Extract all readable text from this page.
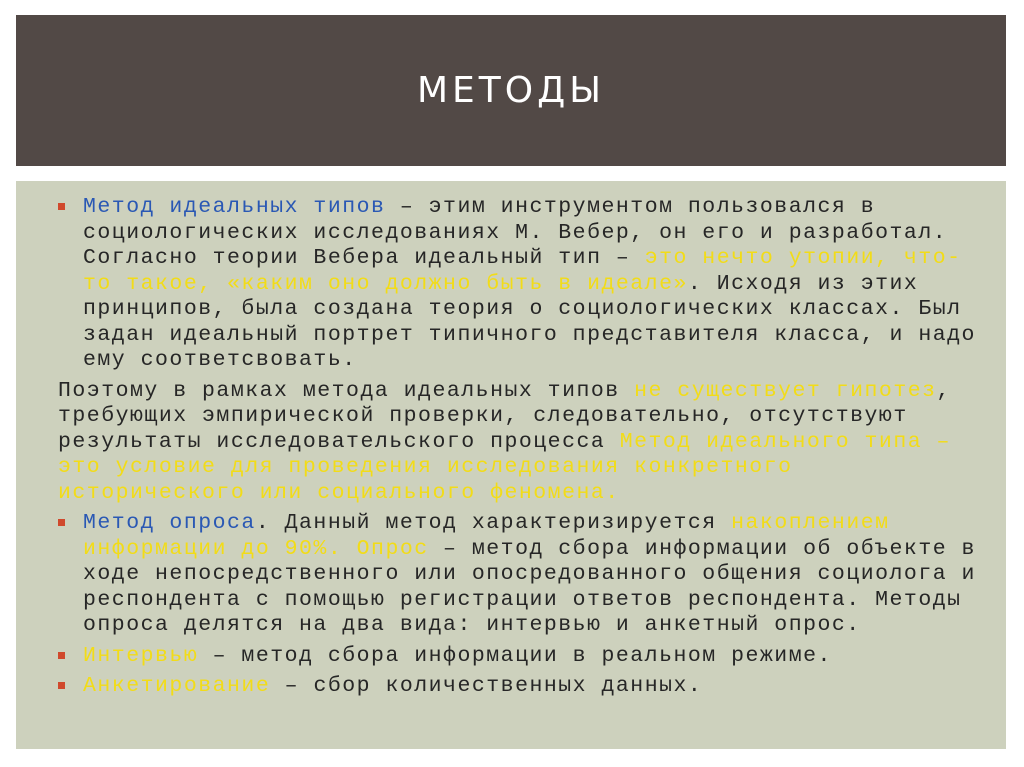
МЕТОДЫ

Метод идеальных типов – этим инструментом пользовался в социологических исследованиях М. Вебер, он его и разработал. Согласно теории Вебера идеальный тип – это нечто утопии, что-то такое, «каким оно должно быть в идеале». Исходя из этих принципов, была создана теория о социологических классах. Был задан идеальный портрет типичного представителя класса, и надо ему соответсвовать.

Поэтому в рамках метода идеальных типов не существует гипотез, требующих эмпирической проверки, следовательно, отсутствуют результаты исследовательского процесса Метод идеального типа – это условие для проведения исследования конкретного исторического или социального феномена.

Метод опроса. Данный метод характеризируется накоплением информации до 90%. Опрос – метод сбора информации об объекте в ходе непосредственного или опосредованного общения социолога и респондента с помощью регистрации ответов респондента. Методы опроса делятся на два вида: интервью и анкетный опрос.

Интервью – метод сбора информации в реальном режиме.

Анкетирование – сбор количественных данных.
